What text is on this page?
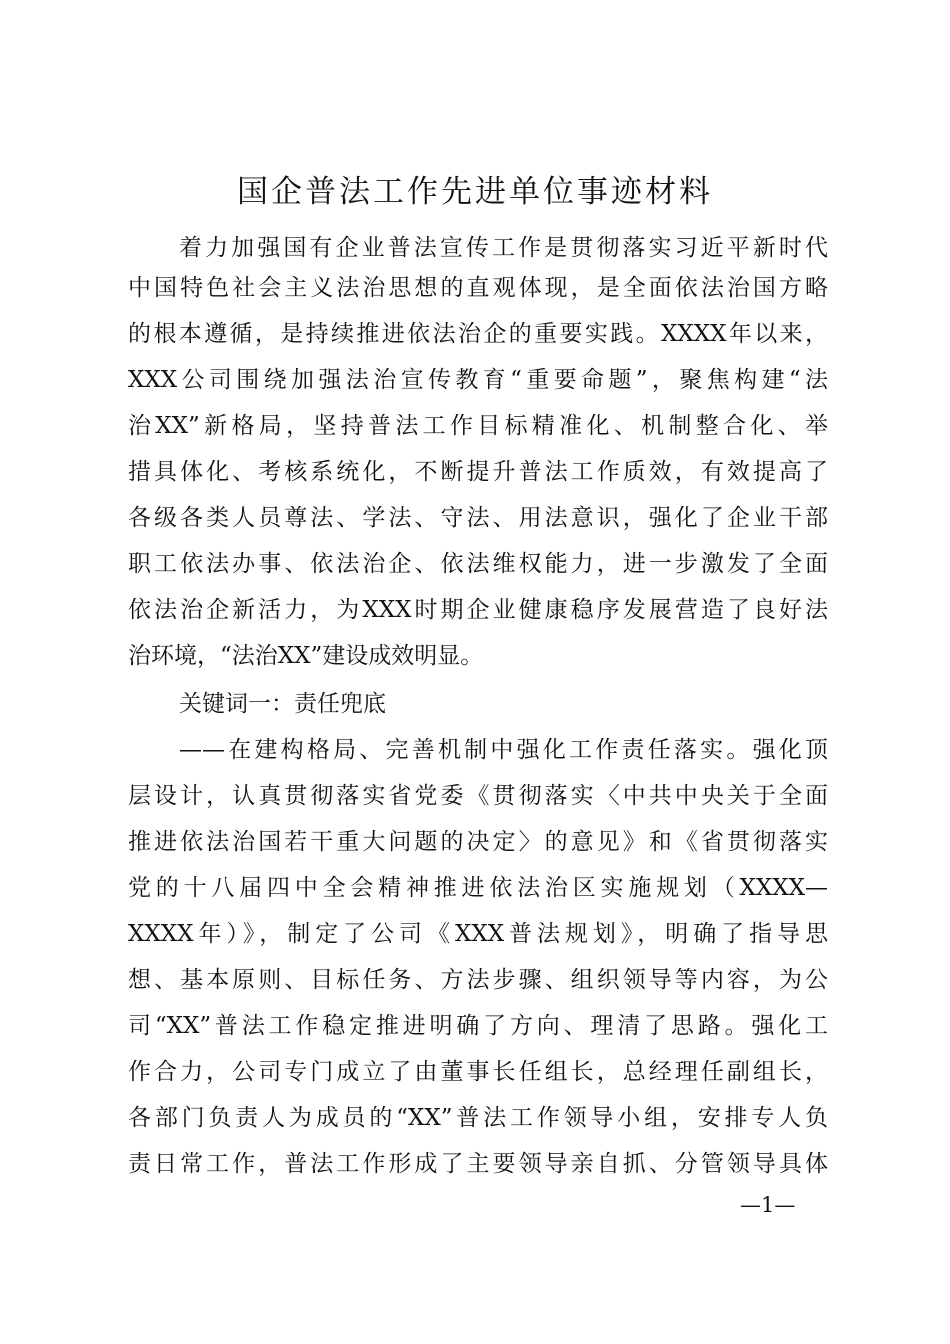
国企普法工作先进单位事迹材料
着力加强国有企业普法宣传工作是贯彻落实习近平新时代
中国特色社会主义法治思想的直观体现，是全面依法治国方略
的根本遵循，是持续推进依法治企的重要实践。XXXX年以来，
XXX公司围绕加强法治宣传教育“重要命题”，聚焦构建“法
治XX”新格局，坚持普法工作目标精准化、机制整合化、举
措具体化、考核系统化，不断提升普法工作质效，有效提高了
各级各类人员尊法、学法、守法、用法意识，强化了企业干部
职工依法办事、依法治企、依法维权能力，进一步激发了全面
依法治企新活力，为XXX时期企业健康稳序发展营造了良好法
治环境，“法治XX”建设成效明显。
关键词一：责任兜底
——在建构格局、完善机制中强化工作责任落实。强化顶
层设计，认真贯彻落实省党委《贯彻落实〈中共中央关于全面
推进依法治国若干重大问题的决定〉的意见》和《省贯彻落实
党的十八届四中全会精神推进依法治区实施规划（XXXX—
XXXX年）》，制定了公司《XXX普法规划》，明确了指导思
想、基本原则、目标任务、方法步骤、组织领导等内容，为公
司“XX”普法工作稳定推进明确了方向、理清了思路。强化工
作合力，公司专门成立了由董事长任组长，总经理任副组长，
各部门负责人为成员的“XX”普法工作领导小组，安排专人负
责日常工作，普法工作形成了主要领导亲自抓、分管领导具体
—1—
